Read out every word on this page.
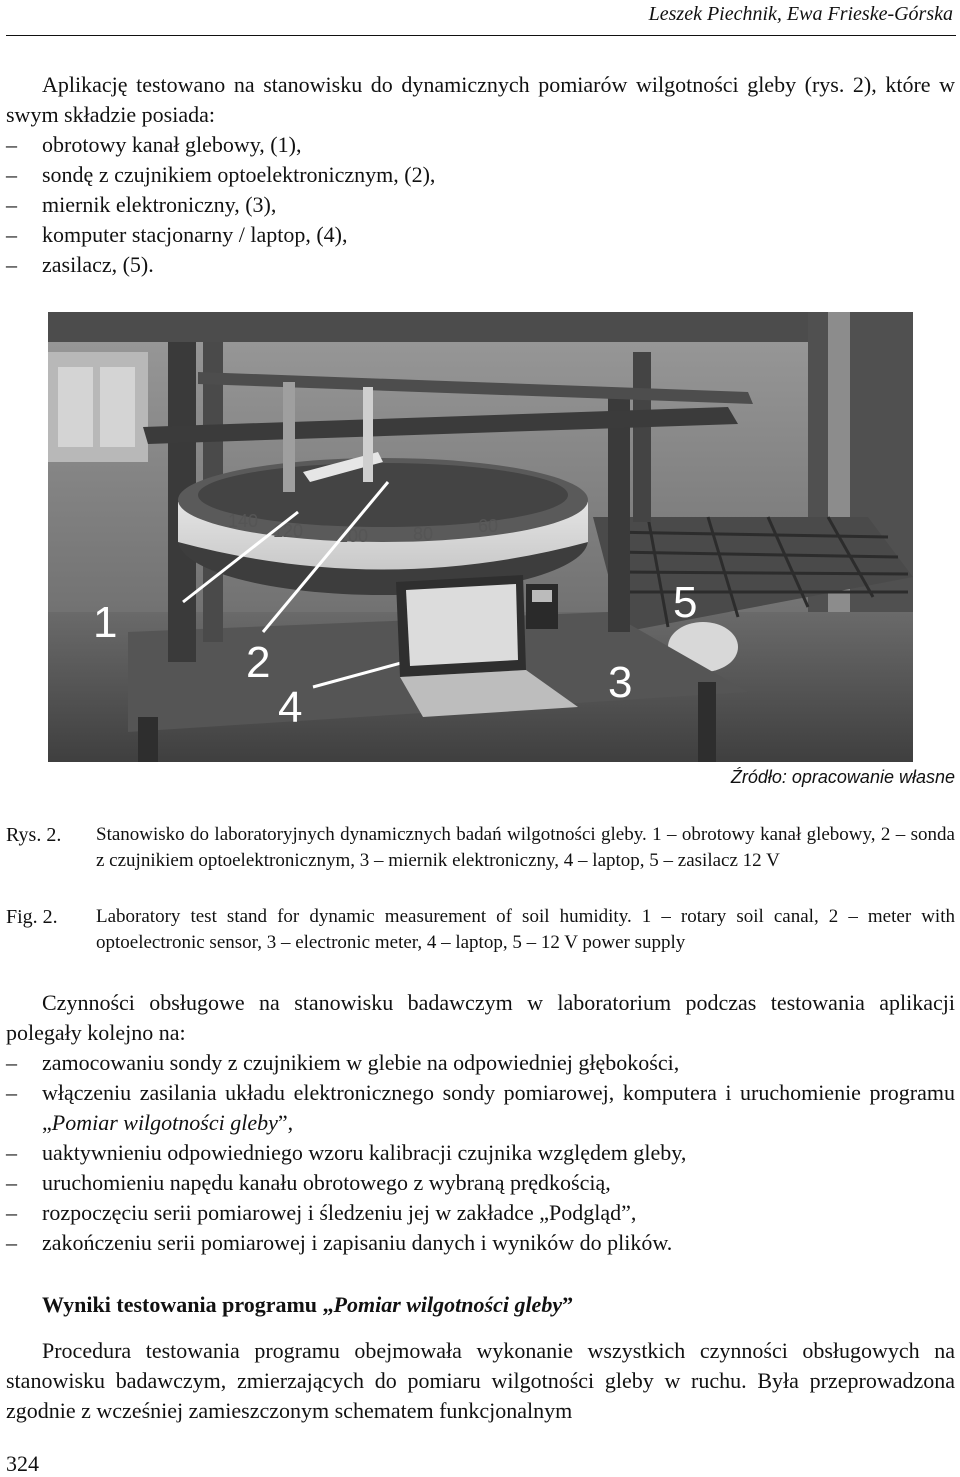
Leszek Piechnik, Ewa Frieske-Górska

Aplikację testowano na stanowisku do dynamicznych pomiarów wilgotności gleby (rys. 2), które w swym składzie posiada:

–	obrotowy kanał glebowy, (1),
–	sondę z czujnikiem optoelektronicznym, (2),
–	miernik elektroniczny, (3),
–	komputer stacjonarny / laptop, (4),
–	zasilacz, (5).
140 120 100 80 60
1
2	3
4
5
Źródło: opracowanie własne
Rys. 2.	Stanowisko do laboratoryjnych dynamicznych badań wilgotności gleby. 1 – obrotowy kanał glebowy, 2 – sonda z czujnikiem optoelektronicznym, 3 – miernik elektroniczny, 4 – laptop, 5 – zasilacz 12 V
Fig. 2.	Laboratory test stand for dynamic measurement of soil humidity. 1 – rotary soil canal, 2 – meter with optoelectronic sensor, 3 – electronic meter, 4 – laptop, 5 – 12 V power supply

Czynności obsługowe na stanowisku badawczym w laboratorium podczas testowania aplikacji polegały kolejno na:

–	zamocowaniu sondy z czujnikiem w glebie na odpowiedniej głębokości,
–	włączeniu zasilania układu elektronicznego sondy pomiarowej, komputera i uruchomienie programu „Pomiar wilgotności gleby”,
–	uaktywnieniu odpowiedniego wzoru kalibracji czujnika względem gleby,
–	uruchomieniu napędu kanału obrotowego z wybraną prędkością,
–	rozpoczęciu serii pomiarowej i śledzeniu jej w zakładce „Podgląd”,
–	zakończeniu serii pomiarowej i zapisaniu danych i wyników do plików.
Wyniki testowania programu „Pomiar wilgotności gleby”

Procedura testowania programu obejmowała wykonanie wszystkich czynności obsługowych na stanowisku badawczym, zmierzających do pomiaru wilgotności gleby w ruchu. Była przeprowadzona zgodnie z wcześniej zamieszczonym schematem funkcjonalnym

324
